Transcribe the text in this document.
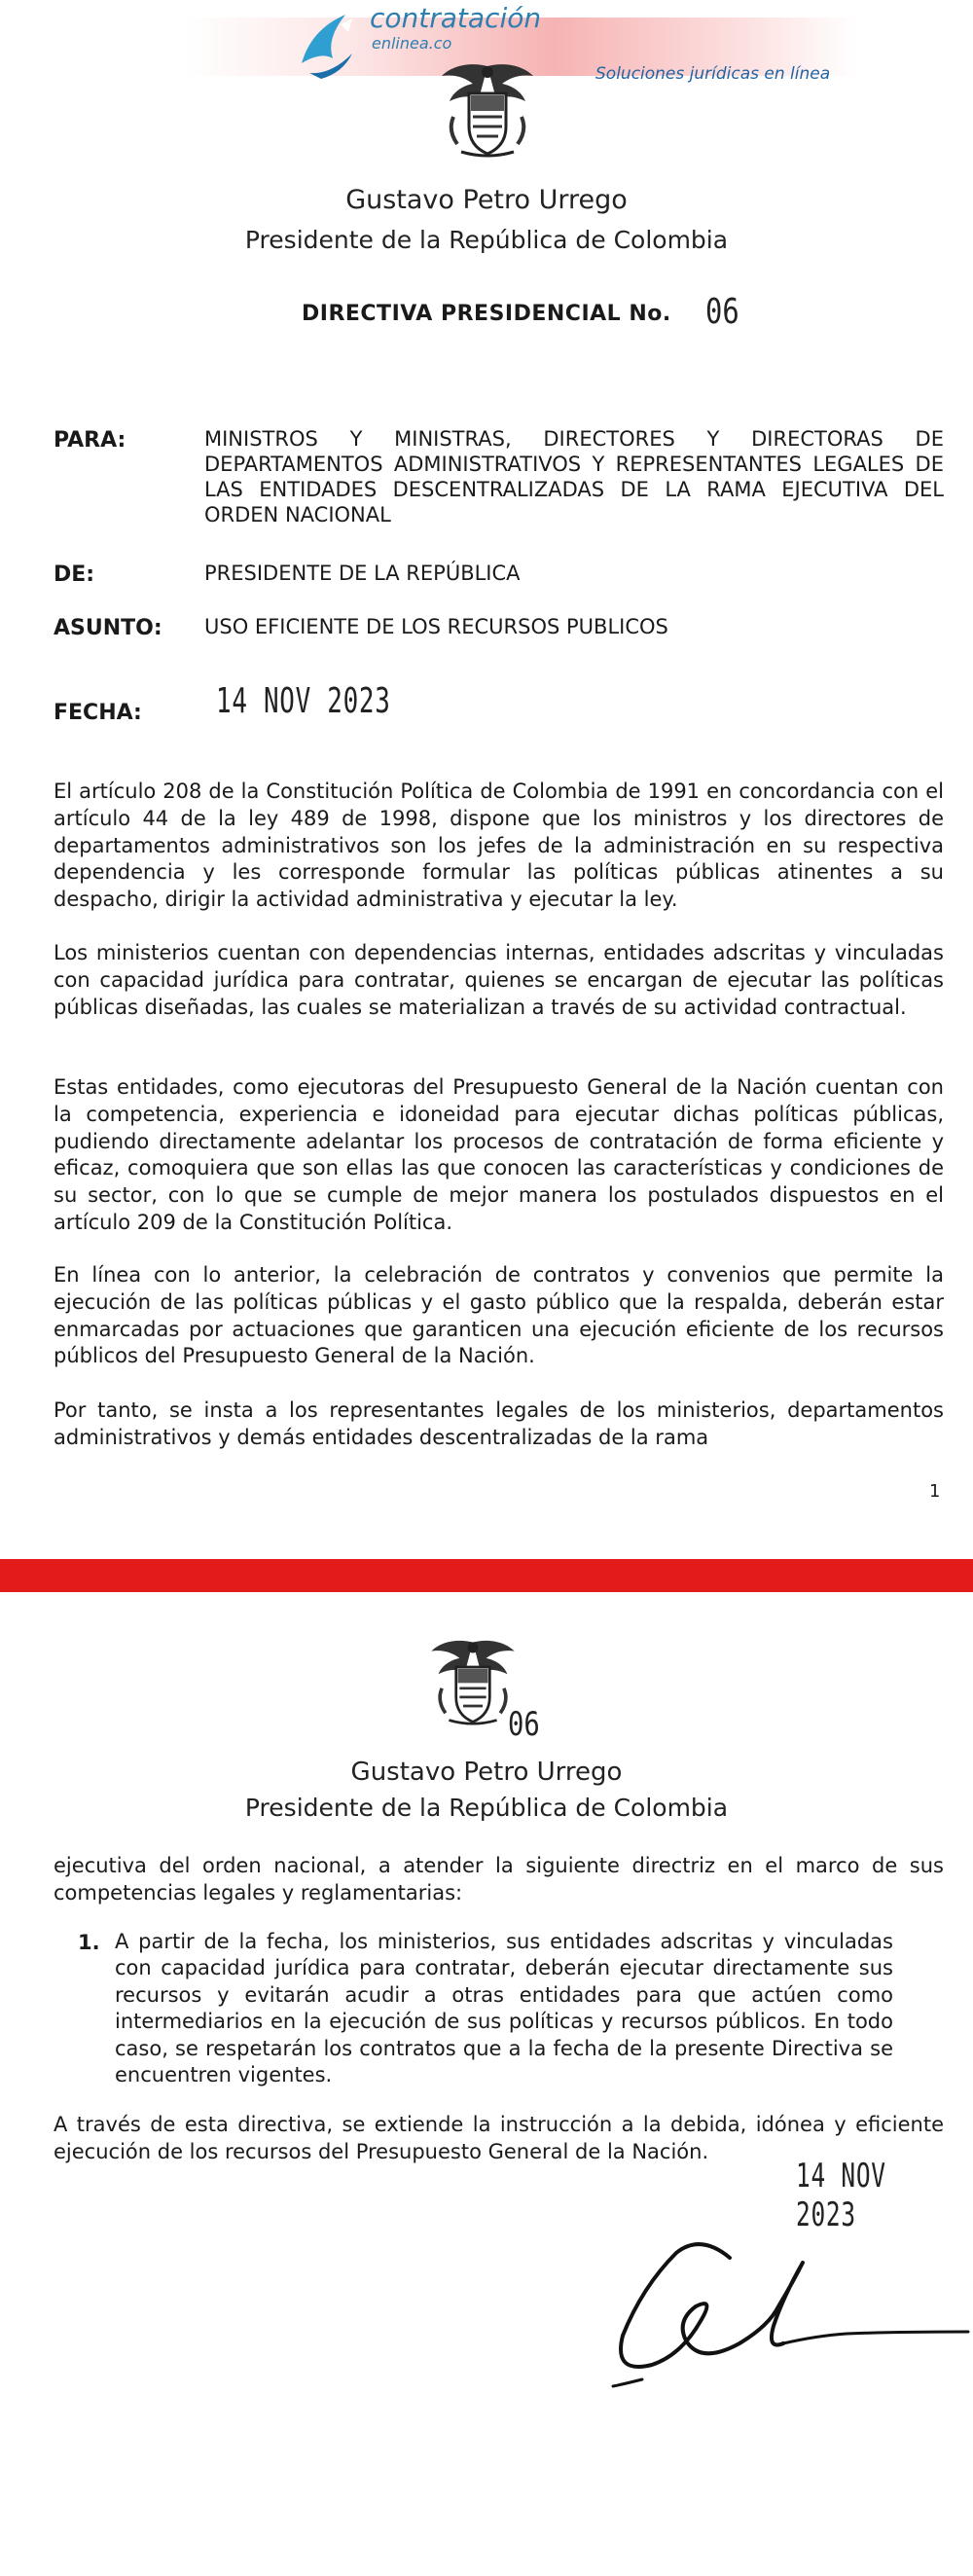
contratación
enlinea.co
Soluciones jurídicas en línea
Gustavo Petro Urrego
Presidente de la República de Colombia
DIRECTIVA PRESIDENCIAL No. 06
PARA:	MINISTROS Y MINISTRAS, DIRECTORES Y DIRECTORAS DE DEPARTAMENTOS ADMINISTRATIVOS Y REPRESENTANTES LEGALES DE LAS ENTIDADES DESCENTRALIZADAS DE LA RAMA EJECUTIVA DEL ORDEN NACIONAL
DE:	PRESIDENTE DE LA REPÚBLICA
ASUNTO: USO EFICIENTE DE LOS RECURSOS PUBLICOS
FECHA: 14 NOV 2023
El artículo 208 de la Constitución Política de Colombia de 1991 en concordancia con el artículo 44 de la ley 489 de 1998, dispone que los ministros y los directores de departamentos administrativos son los jefes de la administración en su respectiva dependencia y les corresponde formular las políticas públicas atinentes a su despacho, dirigir la actividad administrativa y ejecutar la ley.
Los ministerios cuentan con dependencias internas, entidades adscritas y vinculadas con capacidad jurídica para contratar, quienes se encargan de ejecutar las políticas públicas diseñadas, las cuales se materializan a través de su actividad contractual.
Estas entidades, como ejecutoras del Presupuesto General de la Nación cuentan con la competencia, experiencia e idoneidad para ejecutar dichas políticas públicas, pudiendo directamente adelantar los procesos de contratación de forma eficiente y eficaz, comoquiera que son ellas las que conocen las características y condiciones de su sector, con lo que se cumple de mejor manera los postulados dispuestos en el artículo 209 de la Constitución Política.
En línea con lo anterior, la celebración de contratos y convenios que permite la ejecución de las políticas públicas y el gasto público que la respalda, deberán estar enmarcadas por actuaciones que garanticen una ejecución eficiente de los recursos públicos del Presupuesto General de la Nación.
Por tanto, se insta a los representantes legales de los ministerios, departamentos administrativos y demás entidades descentralizadas de la rama
1
06
Gustavo Petro Urrego
Presidente de la República de Colombia
ejecutiva del orden nacional, a atender la siguiente directriz en el marco de sus competencias legales y reglamentarias:
1. A partir de la fecha, los ministerios, sus entidades adscritas y vinculadas con capacidad jurídica para contratar, deberán ejecutar directamente sus recursos y evitarán acudir a otras entidades para que actúen como intermediarios en la ejecución de sus políticas y recursos públicos. En todo caso, se respetarán los contratos que a la fecha de la presente Directiva se encuentren vigentes.
A través de esta directiva, se extiende la instrucción a la debida, idónea y eficiente ejecución de los recursos del Presupuesto General de la Nación.
14 NOV 2023
